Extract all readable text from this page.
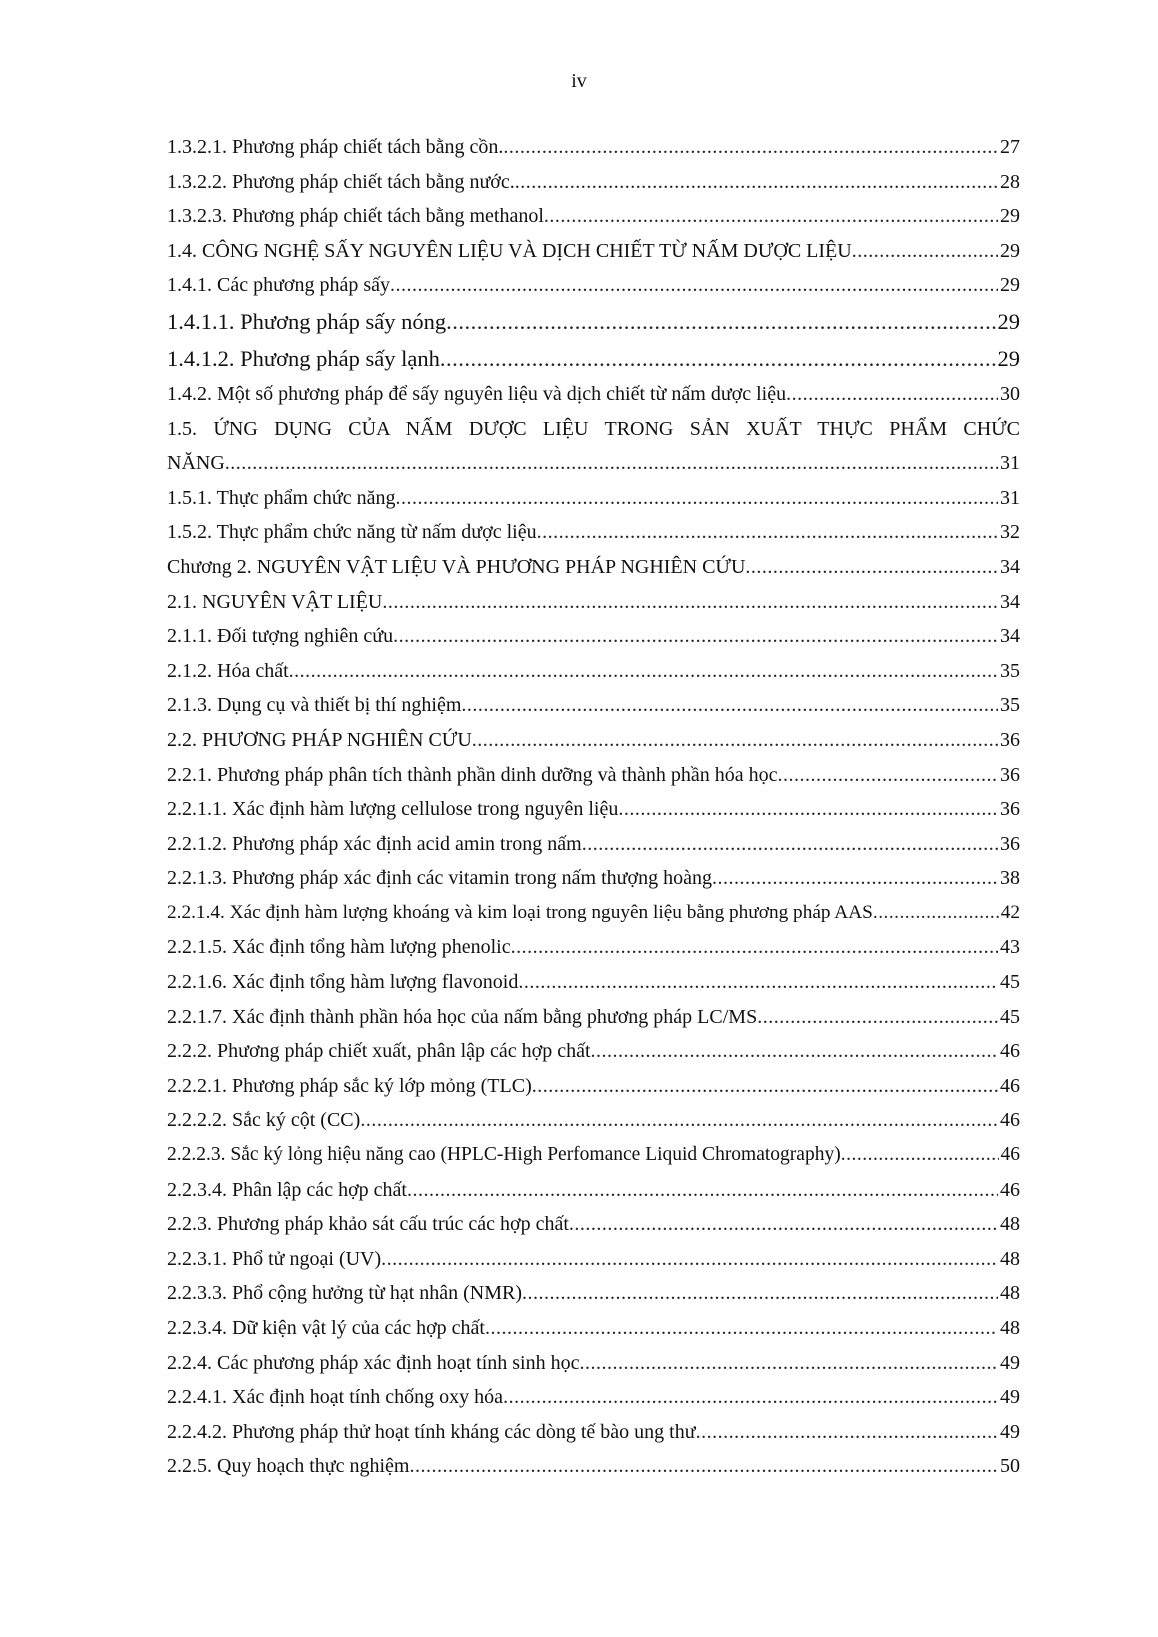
iv
1.3.2.1. Phương pháp chiết tách bằng cồn. .....	27
1.3.2.2. Phương pháp chiết tách bằng nước. .....	28
1.3.2.3. Phương pháp chiết tách bằng methanol .....	29
1.4. CÔNG NGHỆ SẤY NGUYÊN LIỆU VÀ DỊCH CHIẾT TỪ NẤM DƯỢC LIỆU .....	29
1.4.1. Các phương pháp sấy .....	29
1.4.1.1. Phương pháp sấy nóng .....	29
1.4.1.2. Phương pháp sấy lạnh .....	29
1.4.2. Một số phương pháp để sấy nguyên liệu và dịch chiết từ nấm dược liệu .....	30
1.5. ỨNG DỤNG CỦA NẤM DƯỢC LIỆU TRONG SẢN XUẤT THỰC PHẨM CHỨC
NĂNG .....	31
1.5.1. Thực phẩm chức năng .....	31
1.5.2. Thực phẩm chức năng từ nấm dược liệu .....	32
Chương 2. NGUYÊN VẬT LIỆU VÀ PHƯƠNG PHÁP NGHIÊN CỨU .....	34
2.1. NGUYÊN VẬT LIỆU .....	34
2.1.1. Đối tượng nghiên cứu .....	34
2.1.2. Hóa chất .....	35
2.1.3. Dụng cụ và thiết bị thí nghiệm .....	35
2.2. PHƯƠNG PHÁP NGHIÊN CỨU .....	36
2.2.1. Phương pháp phân tích thành phần dinh dưỡng và thành phần hóa học .....	36
2.2.1.1. Xác định hàm lượng cellulose trong nguyên liệu .....	36
2.2.1.2. Phương pháp xác định acid amin trong nấm .....	36
2.2.1.3. Phương pháp xác định các vitamin trong nấm thượng hoàng .....	38
2.2.1.4. Xác định hàm lượng khoáng và kim loại trong nguyên liệu bằng phương pháp AAS .....	42
2.2.1.5. Xác định tổng hàm lượng phenolic .....	43
2.2.1.6. Xác định tổng hàm lượng flavonoid .....	45
2.2.1.7. Xác định thành phần hóa học của nấm bằng phương pháp LC/MS .....	45
2.2.2. Phương pháp chiết xuất, phân lập các hợp chất .....	46
2.2.2.1. Phương pháp sắc ký lớp mỏng (TLC) .....	46
2.2.2.2. Sắc ký cột (CC) .....	46
2.2.2.3. Sắc ký lỏng hiệu năng cao (HPLC-High Perfomance Liquid Chromatography) .....	46
2.2.3.4. Phân lập các hợp chất .....	46
2.2.3. Phương pháp khảo sát cấu trúc các hợp chất .....	48
2.2.3.1. Phổ tử ngoại (UV) .....	48
2.2.3.3. Phổ cộng hưởng từ hạt nhân (NMR) .....	48
2.2.3.4. Dữ kiện vật lý của các hợp chất .....	48
2.2.4. Các phương pháp xác định hoạt tính sinh học .....	49
2.2.4.1. Xác định hoạt tính chống oxy hóa .....	49
2.2.4.2. Phương pháp thử hoạt tính kháng các dòng tế bào ung thư .....	49
2.2.5. Quy hoạch thực nghiệm .....	50
